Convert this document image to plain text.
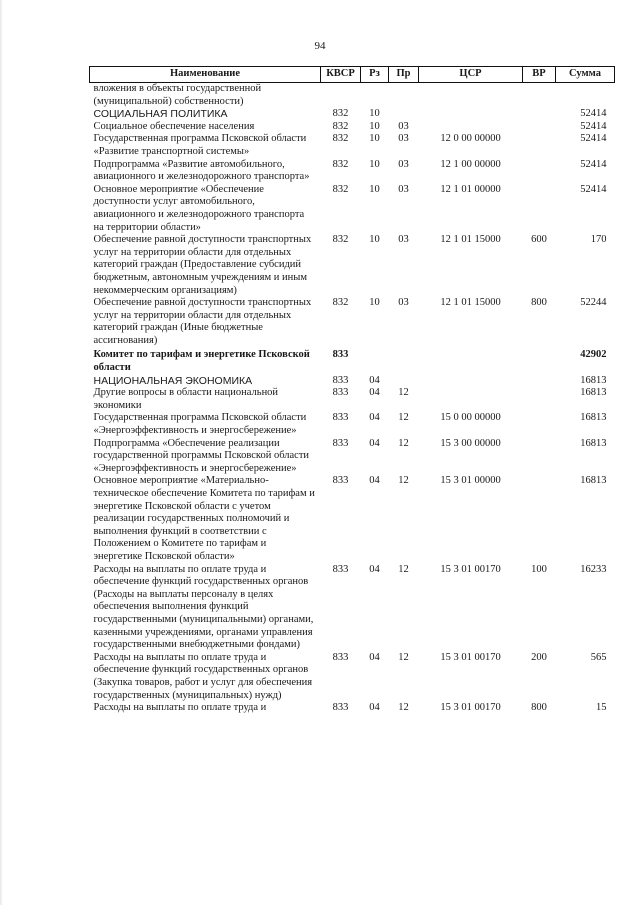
94
Наименование	КВСР	Рз	Пр	ЦСР	ВР	Сумма
вложения в объекты государственной (муниципальной) собственности)						
СОЦИАЛЬНАЯ ПОЛИТИКА	832	10				52414
Социальное обеспечение населения	832	10	03			52414
Государственная программа Псковской области «Развитие транспортной системы»	832	10	03	12 0 00 00000		52414
Подпрограмма «Развитие автомобильного, авиационного и железнодорожного транспорта»	832	10	03	12 1 00 00000		52414
Основное мероприятие «Обеспечение доступности услуг автомобильного, авиационного и железнодорожного транспорта на территории области»	832	10	03	12 1 01 00000		52414
Обеспечение равной доступности транспортных услуг на территории области для отдельных категорий граждан (Предоставление субсидий бюджетным, автономным учреждениям и иным некоммерческим организациям)	832	10	03	12 1 01 15000	600	170
Обеспечение равной доступности транспортных услуг на территории области для отдельных категорий граждан (Иные бюджетные ассигнования)	832	10	03	12 1 01 15000	800	52244
Комитет по тарифам и энергетике Псковской области	833					42902
НАЦИОНАЛЬНАЯ ЭКОНОМИКА	833	04				16813
Другие вопросы в области национальной экономики	833	04	12			16813
Государственная программа Псковской области «Энергоэффективность и энергосбережение»	833	04	12	15 0 00 00000		16813
Подпрограмма «Обеспечение реализации государственной программы Псковской области «Энергоэффективность и энергосбережение»	833	04	12	15 3 00 00000		16813
Основное мероприятие «Материально-техническое обеспечение Комитета по тарифам и энергетике Псковской области с учетом реализации государственных полномочий и выполнения функций в соответствии с Положением о Комитете по тарифам и энергетике Псковской области»	833	04	12	15 3 01 00000		16813
Расходы на выплаты по оплате труда и обеспечение функций государственных органов (Расходы на выплаты персоналу в целях обеспечения выполнения функций государственными (муниципальными) органами, казенными учреждениями, органами управления государственными внебюджетными фондами)	833	04	12	15 3 01 00170	100	16233
Расходы на выплаты по оплате труда и обеспечение функций государственных органов (Закупка товаров, работ и услуг для обеспечения государственных (муниципальных) нужд)	833	04	12	15 3 01 00170	200	565
Расходы на выплаты по оплате труда и	833	04	12	15 3 01 00170	800	15
